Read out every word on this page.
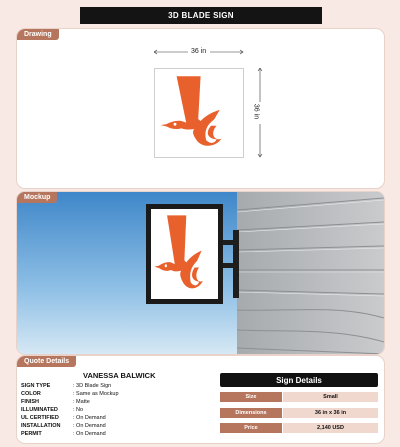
3D BLADE SIGN
Drawing
36 in
36 in
Mockup
Quote Details
VANESSA BALWICK
SIGN TYPE	: 3D Blade Sign
COLOR	: Same as Mockup
FINISH	: Matte
ILLUMINATED	: No
UL CERTIFIED	: On Demand
INSTALLATION : On Demand
PERMIT	: On Demand
Sign Details
Size	Small
Dimensions	36 in x 36 in
Price	2,140 USD
